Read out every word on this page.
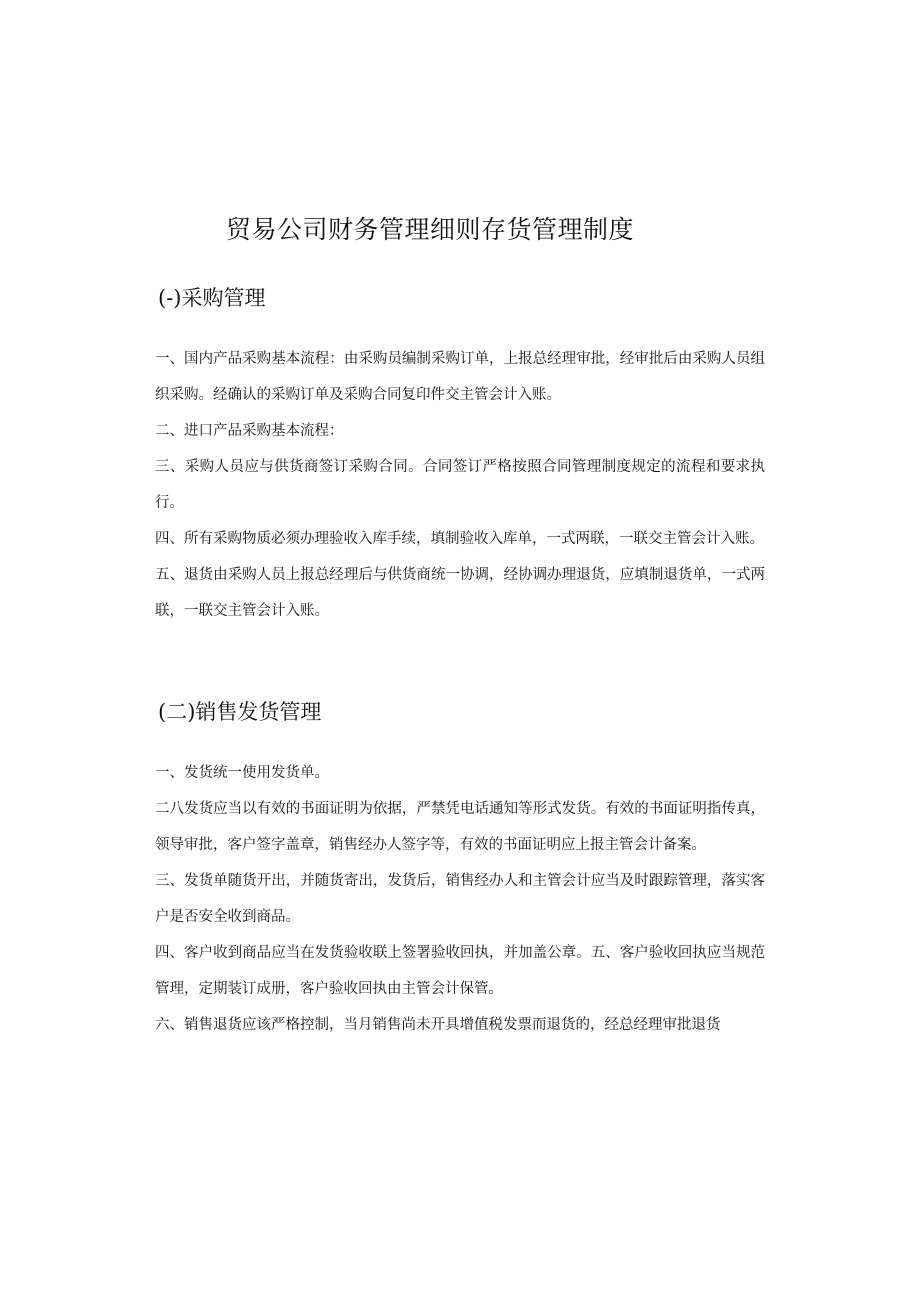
贸易公司财务管理细则存货管理制度
(-)采购管理

一、国内产品采购基本流程：由采购员编制采购订单，上报总经理审批，经审批后由采购人员组织采购。经确认的采购订单及采购合同复印件交主管会计入账。

二、进口产品采购基本流程：

三、采购人员应与供货商签订采购合同。合同签订严格按照合同管理制度规定的流程和要求执行。

四、所有采购物质必须办理验收入库手续，填制验收入库单，一式两联，一联交主管会计入账。

五、退货由采购人员上报总经理后与供货商统一协调，经协调办理退货，应填制退货单，一式两联，一联交主管会计入账。

(二)销售发货管理

一、发货统一使用发货单。

二八发货应当以有效的书面证明为依据，严禁凭电话通知等形式发货。有效的书面证明指传真，领导审批，客户签字盖章，销售经办人签字等，有效的书面证明应上报主管会计备案。

三、发货单随货开出，并随货寄出，发货后，销售经办人和主管会计应当及时跟踪管理，落实客户是否安全收到商品。

四、客户收到商品应当在发货验收联上签署验收回执，并加盖公章。五、客户验收回执应当规范管理，定期装订成册，客户验收回执由主管会计保管。

六、销售退货应该严格控制，当月销售尚未开具增值税发票而退货的，经总经理审批退货
